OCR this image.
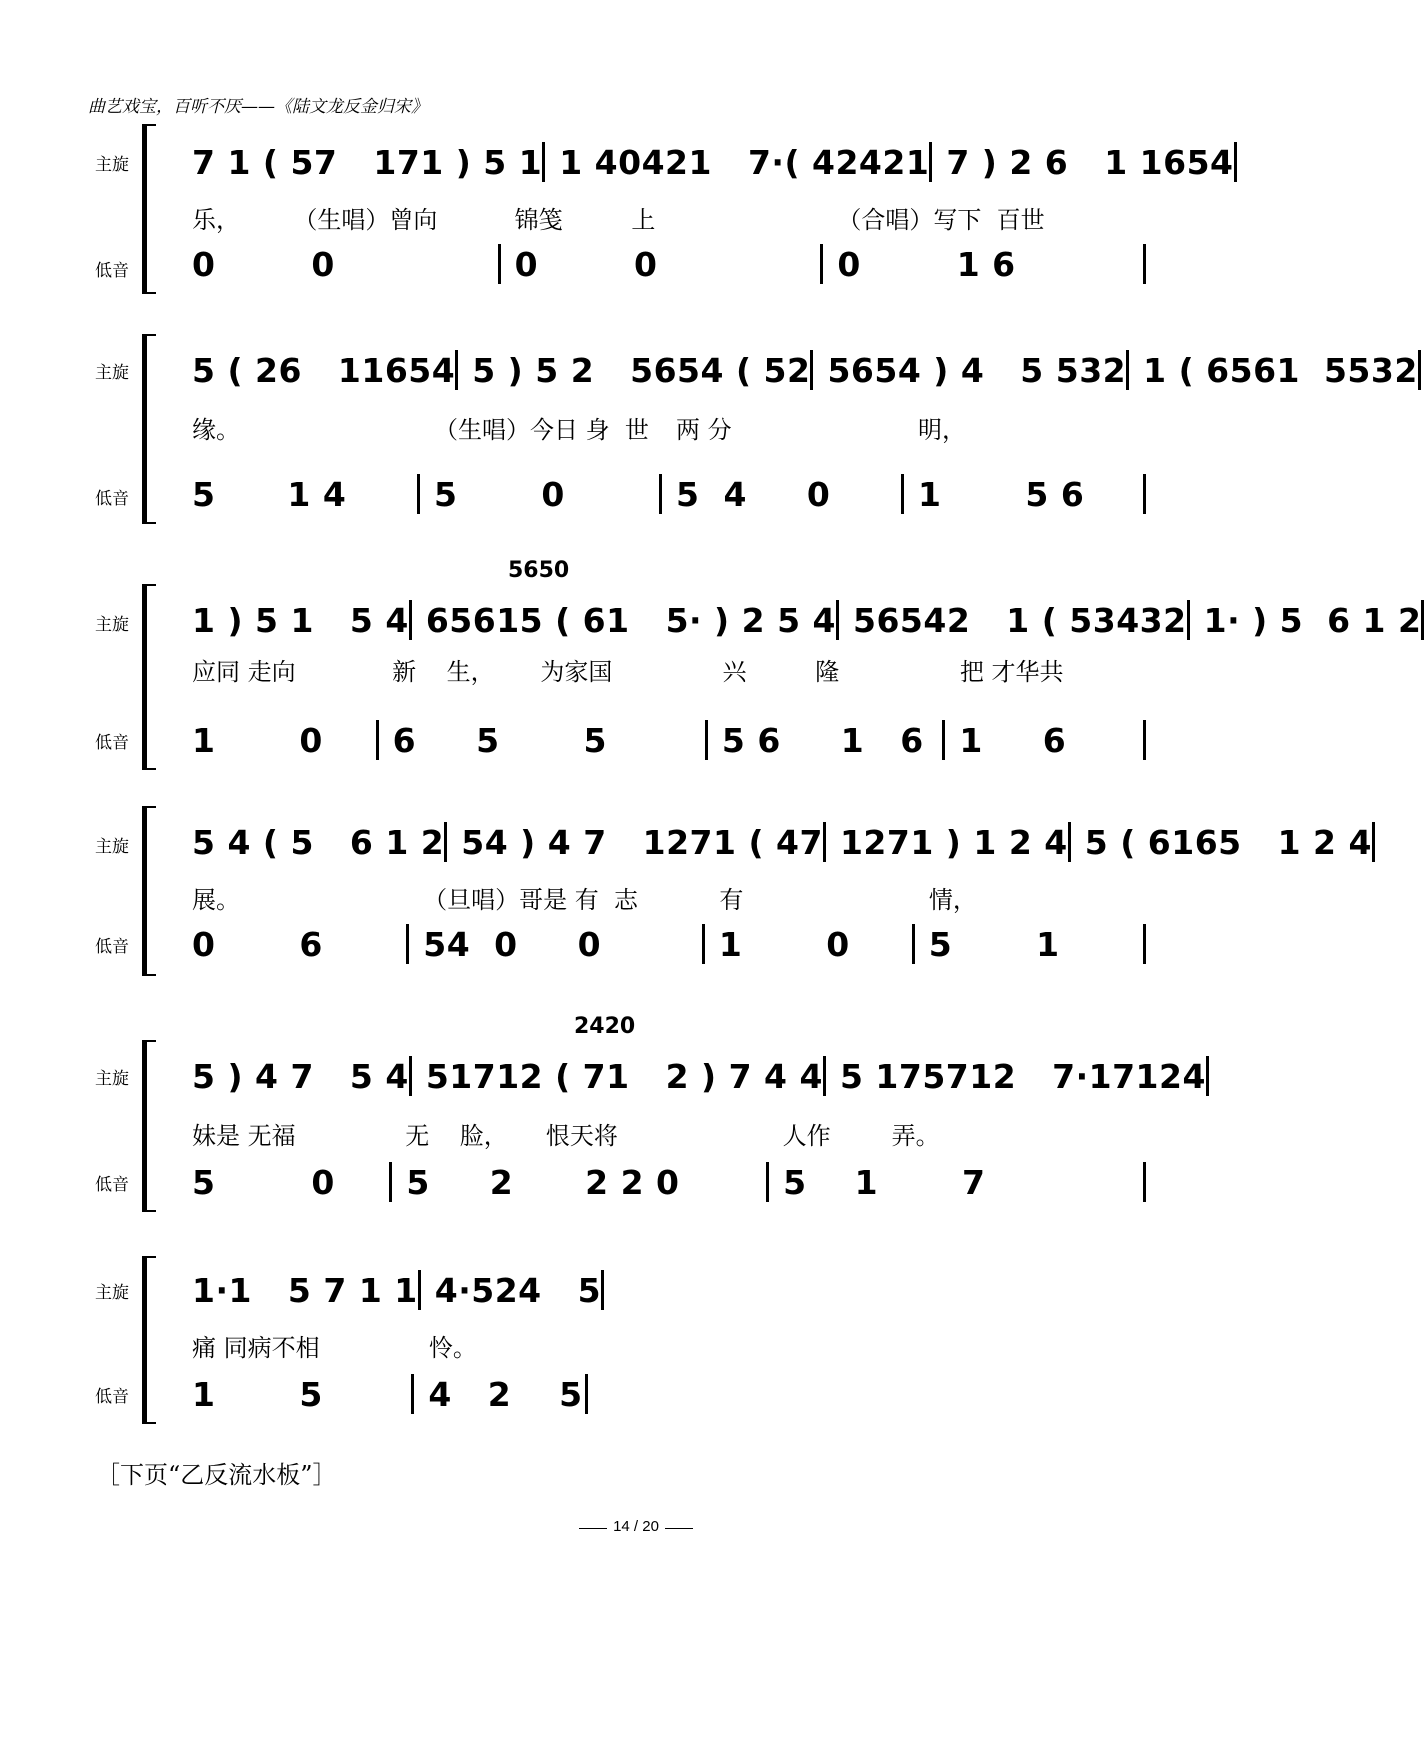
曲艺戏宝，百听不厌——《陆文龙反金归宋》
主旋
低音
7 1 ( 57   171 ) 5 1 1 40421   7·( 42421 7 ) 2 6   1 1654
乐，       （生唱）曾向	锦笺         上	（合唱）写下  百世
0        0	0        0	0        1 6
主旋
低音
5 ( 26   11654 5 ) 5 2   5654 ( 52 5654 ) 4   5 532 1 ( 6561  5532
缘。	（生唱）今日 身  世	两 分	明，
5      1 4	5       0	5  4     0	1       5 6
5650
主旋
低音
1 ) 5 1   5 4 65615 ( 61   5· ) 2 5 4 56542   1 ( 53432 1· ) 5  6 1 2
应同 走向	新    生，      为家国	兴         隆	把 才华共
1       0	6     5       5	5 6     1   6	1     6
主旋
低音
5 4 ( 5   6 1 2 54 ) 4 7   1271 ( 47 1271 ) 1 2 4 5 ( 6165   1 2 4
展。	（旦唱）哥是 有  志	有	情，
0       6	54  0     0	1       0	5       1
2420
主旋
低音
5 ) 4 7   5 4 51712 ( 71   2 ) 7 4 4 5 175712   7·17124
妹是 无福	无    脸，     恨天将	人作        弄。
5        0	5     2      2 2 0	5    1       7
主旋
低音
1·1   5 7 1 1 4·524   5
痛 同病不相	怜。
1       5	4   2    5
［下页“乙反流水板”］
14 / 20
